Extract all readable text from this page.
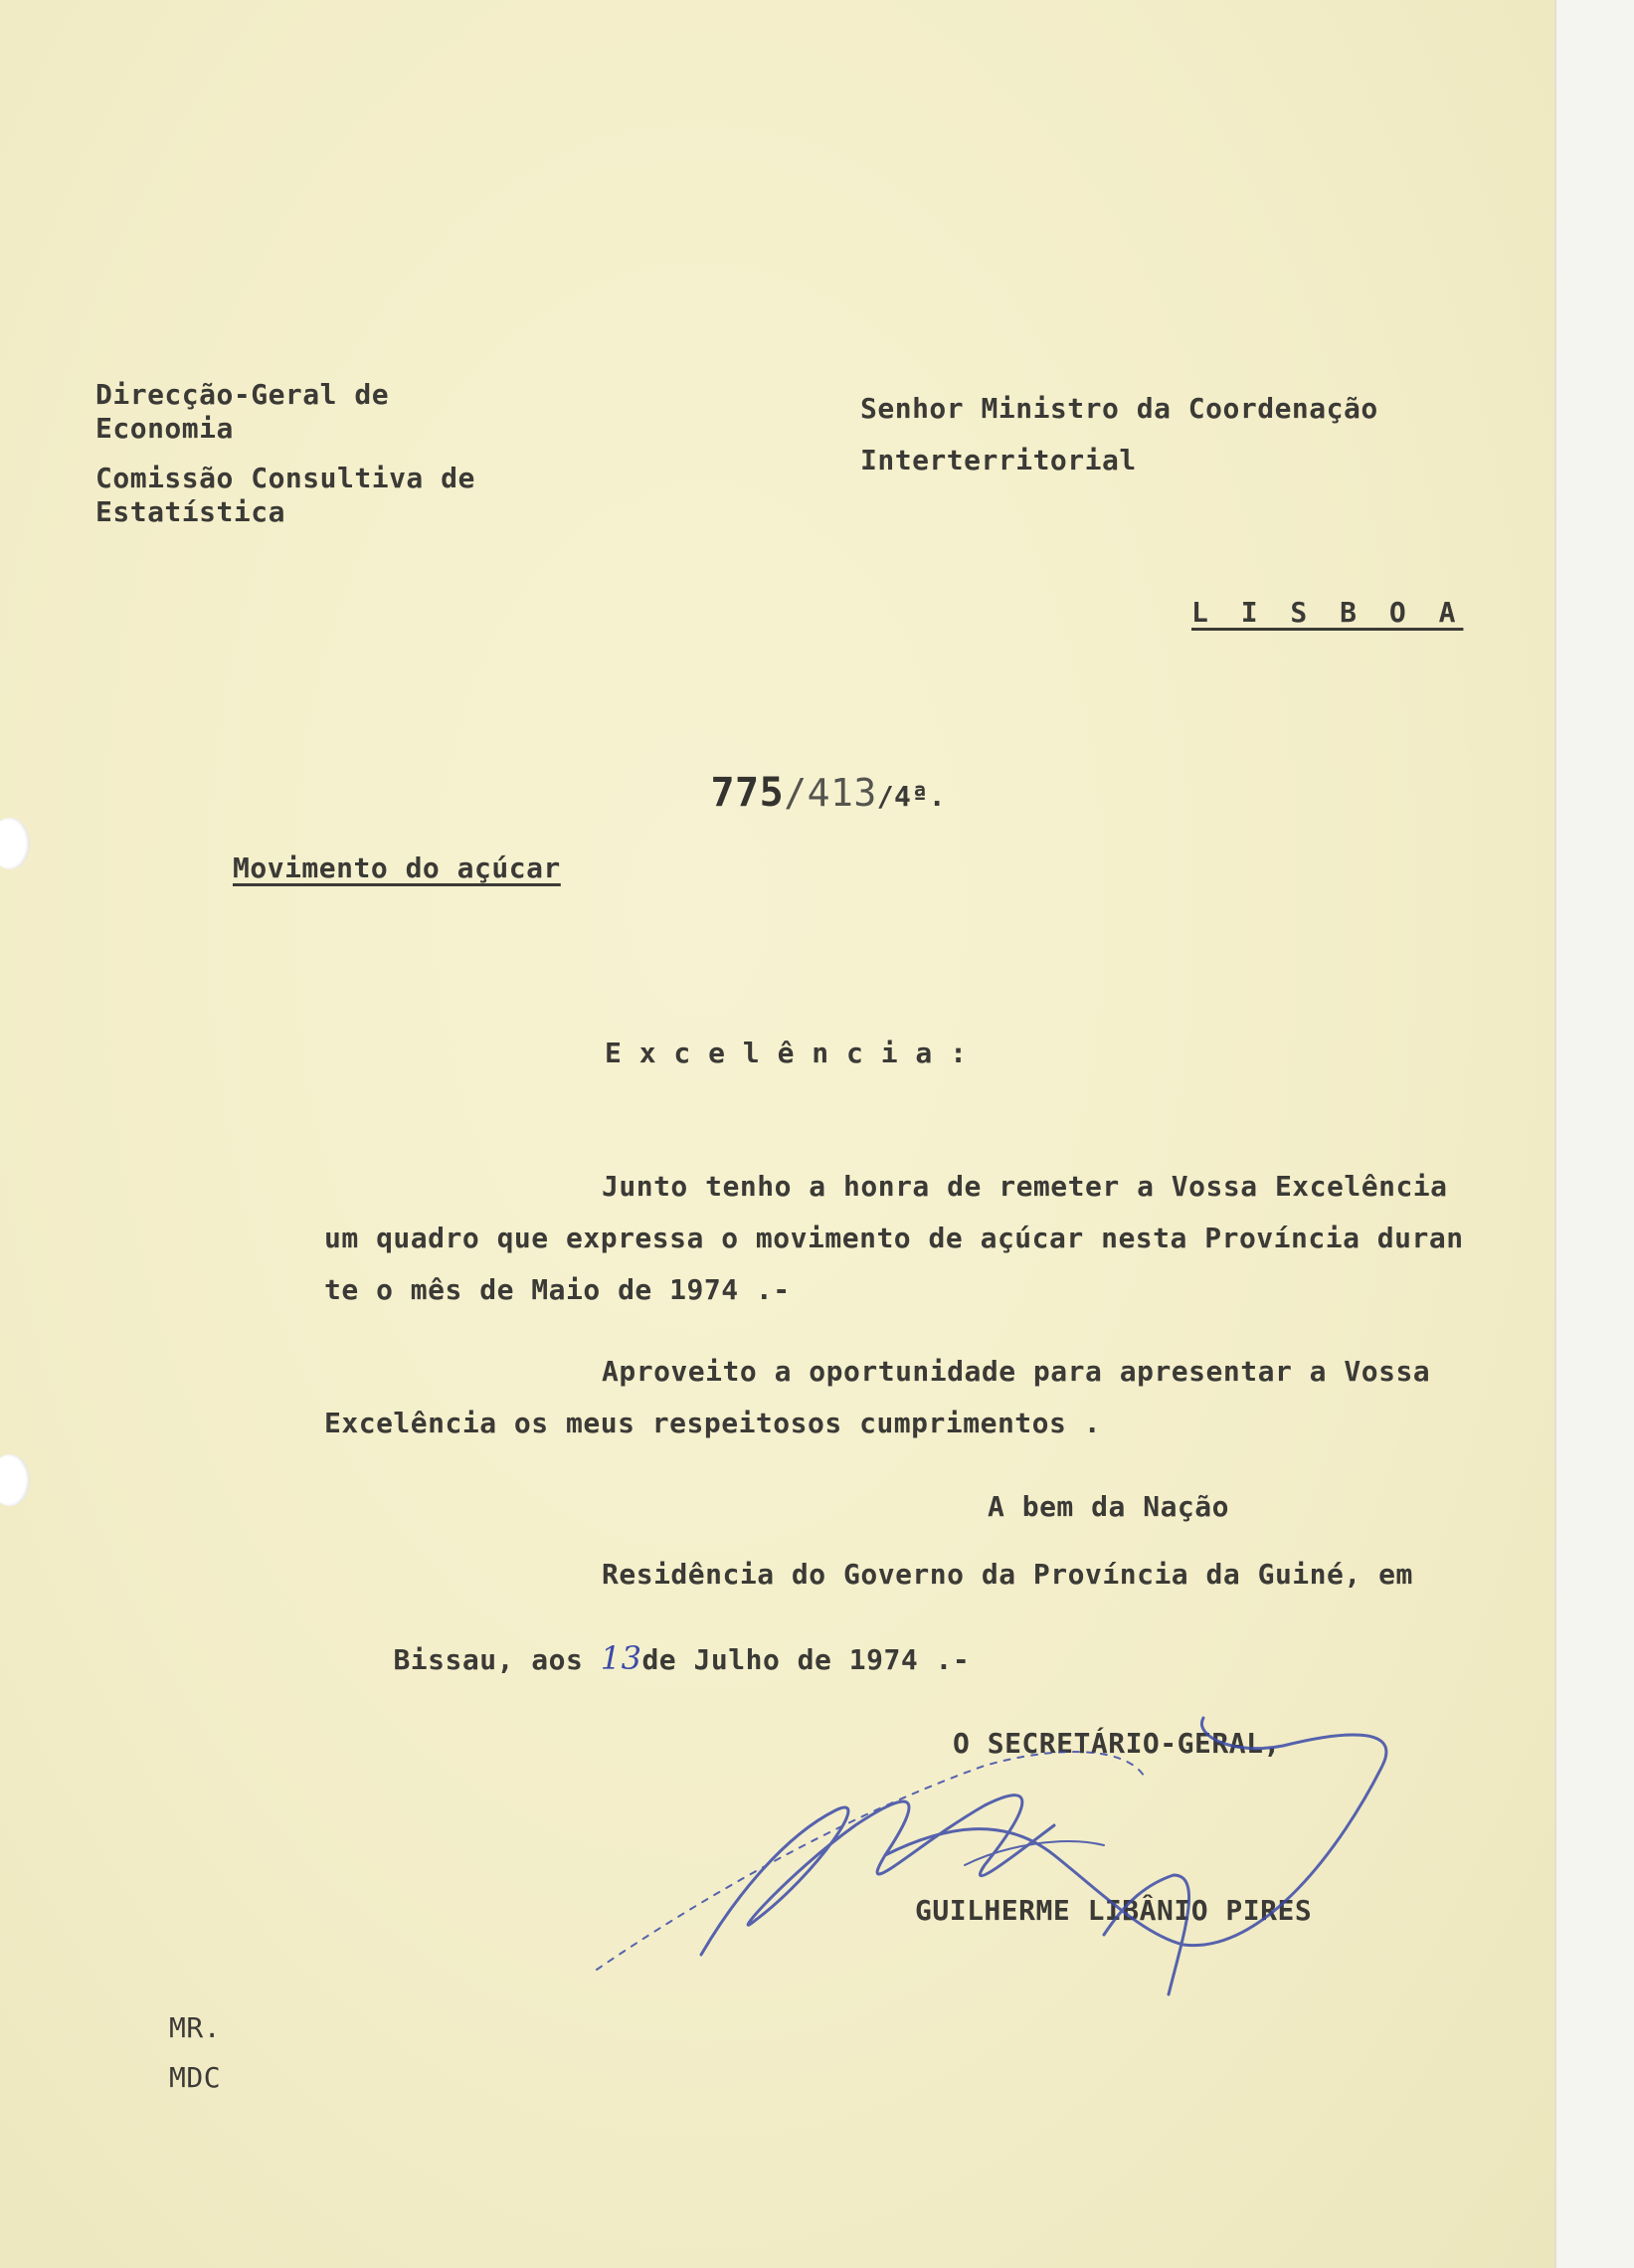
Direcção-Geral de

Economia

Comissão Consultiva de

Estatística

Senhor Ministro da Coordenação

Interterritorial

L I S B O A

775/413/4ª.

Movimento do açúcar

E x c e l ê n c i a :

Junto tenho a honra de remeter a Vossa Excelência

um quadro que expressa o movimento de açúcar nesta Província duran

te o mês de Maio de 1974 .-

Aproveito a oportunidade para apresentar a Vossa

Excelência os meus respeitosos cumprimentos .

A bem da Nação

Residência do Governo da Província da Guiné, em

Bissau, aos 13de Julho de 1974 .-

O SECRETÁRIO-GERAL,

GUILHERME LIBÂNIO PIRES

MR.

MDC
